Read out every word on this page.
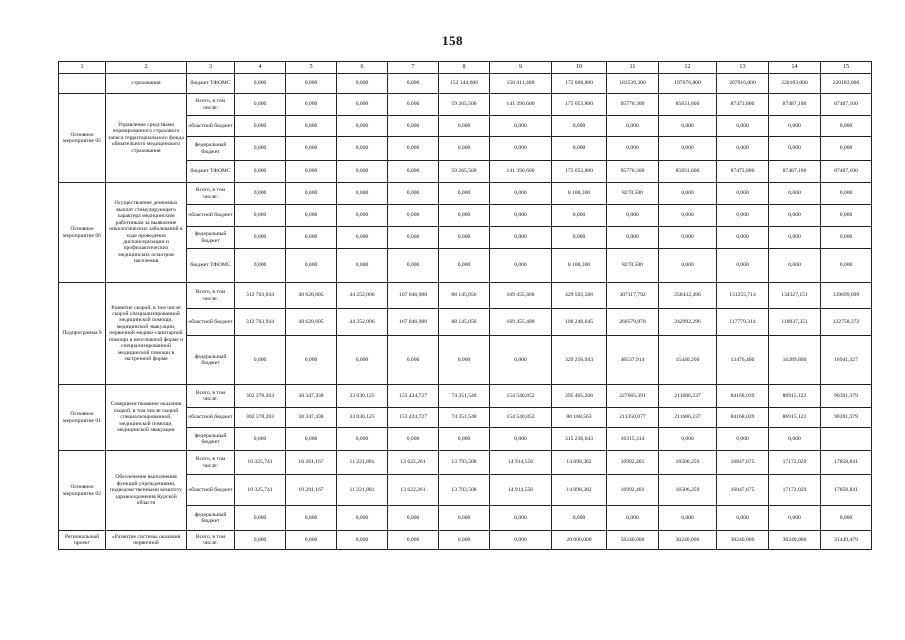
158
1	2	3	4	5	6	7	8	9	10	11	12	13	14	15
	страхования	бюджет ТФОМС	0,000	0,000	0,000	0,000	152 144,600	156 411,400	172 008,800	183539,300	197076,800	207916,000	220183,000	220183,000
Основное мероприятие 05	Управление средствами нормированного страхового запаса территориального фонда обязательного медицинского страхования	Всего, в том числе:	0,000	0,000	0,000	0,000	59 265,500	141 390,600	175 053,800	95770,300	85831,600	87473,800	87487,100	87487,100
		областной бюджет	0,000	0,000	0,000	0,000	0,000	0,000	0,000	0,000	0,000	0,000	0,000	0,000
		федеральный бюджет	0,000	0,000	0,000	0,000	0,000	0,000	0,000	0,000	0,000	0,000	0,000	0,000
		бюджет ТФОМС	0,000	0,000	0,000	0,000	59 265,500	141 390,600	175 053,800	95770,300	85831,600	87473,800	87487,100	87487,100
Основное мероприятие 06	Осуществление денежных выплат стимулирующего характера медицинским работникам за выявление онкологических заболеваний в ходе проведения диспансеризации и профилактических медицинских осмотров населения	Всего, в том числе:	0,000	0,000	0,000	0,000	0,000	0,000	8 108,300	8270,500	0,000	0,000	0,000	0,000
		областной бюджет	0,000	0,000	0,000	0,000	0,000	0,000	0,000	0,000	0,000	0,000	0,000	0,000
		федеральный бюджет	0,000	0,000	0,000	0,000	0,000	0,000	0,000	0,000	0,000	0,000	0,000	0,000
		бюджет ТФОМС	0,000	0,000	0,000	0,000	0,000	0,000	8 108,300	8270,500	0,000	0,000	0,000	0,000
Подпрограмма 9	Развитие скорой, в том числе скорой специализированной медицинской помощи, медицинской эвакуации, первичной медико-санитарной помощи в неотложной форме и специализированной медицинской помощи в экстренной форме	Всего, в том числе:	312 703,944	48 628,605	44 252,006	167 046,988	88 145,056	169 455,408	429 503,588	307117,792	258432,496	131255,714	134327,151	139699,699
		областной бюджет	312 703,944	48 628,605	44 252,006	167 046,988	88 145,056	169 455,408	100 246,645	260579,878	242992,296	117779,314	118037,351	122758,372
		федеральный бюджет	0,000	0,000	0,000	0,000	0,000	0,000	329 256,943	46537,914	15440,200	13476,400	16289,800	16941,327
Основное мероприятие 01	Совершенствование оказания скорой, в том числе скорой специализированной, медицинской помощи, медицинской эвакуации	Всего, в том числе:	302 378,203	38 347,438	33 030,125	153 424,727	74 351,548	154 540,852	395 405,206	227665,391	211686,237	84168,039	86915,122	90391,379
		областной бюджет	302 378,203	38 347,438	33 030,125	153 424,727	74 351,548	154 540,852	80 168,563	211350,077	211686,237	84168,039	86915,122	90391,379
		федеральный бюджет	0,000	0,000	0,000	0,000	0,000	0,000	315 236,643	16315,314	0,000	0,000	0,000	
Основное мероприятие 02	Обеспечение выполнения функций учреждениями, подведомственными комитету здравоохранения Курской области	Всего, в том числе:	10 325,741	10 281,167	11 221,881	13 622,261	13 793,508	14 914,556	14 098,382	16992,401	16506,259	16847,675	17172,029	17858,841
		областной бюджет	10 325,741	10 281,167	11 221,881	13 622,261	13 793,508	14 914,556	14 098,382	16992,401	16506,259	16847,675	17172,029	17858,841
		федеральный бюджет	0,000	0,000	0,000	0,000	0,000	0,000	0,000	0,000	0,000	0,000	0,000	0,000
Региональный проект	«Развитие системы оказания первичной	Всего, в том числе:	0,000	0,000	0,000	0,000	0,000	0,000	20 000,000	58240,000	30240,000	30240,000	30240,000	31449,479
